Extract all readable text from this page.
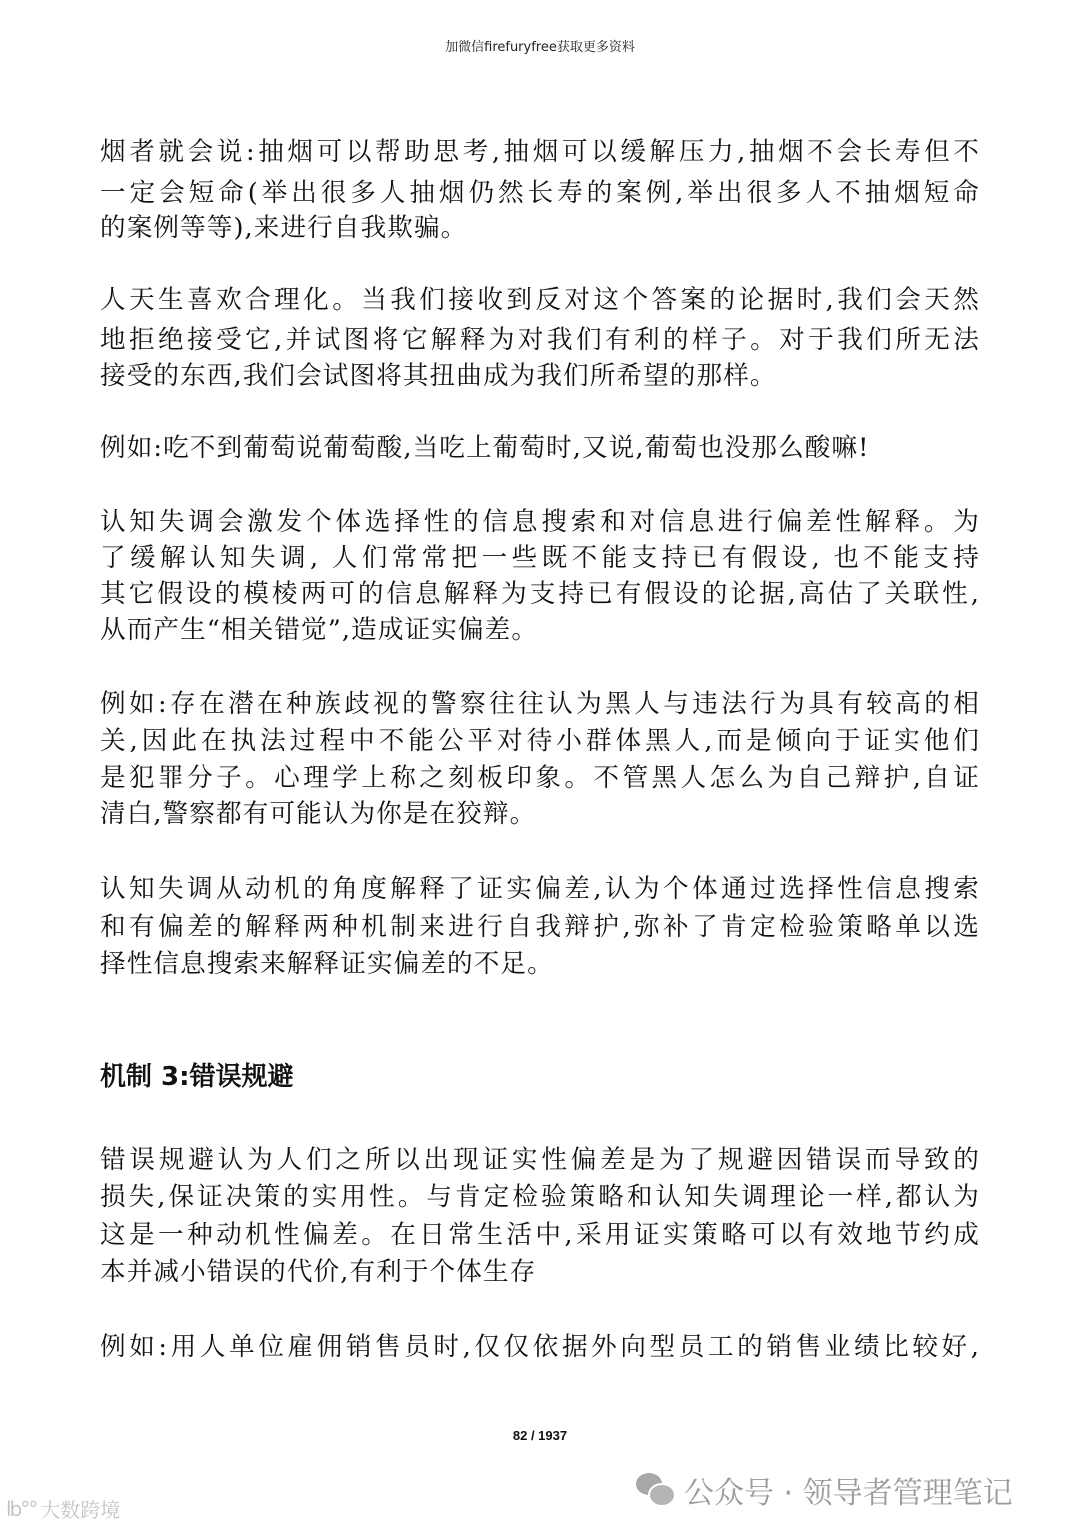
加微信firefuryfree获取更多资料
烟者就会说:抽烟可以帮助思考,抽烟可以缓解压力,抽烟不会长寿但不
一定会短命(举出很多人抽烟仍然长寿的案例,举出很多人不抽烟短命
的案例等等),来进行自我欺骗。
人天生喜欢合理化。当我们接收到反对这个答案的论据时,我们会天然
地拒绝接受它,并试图将它解释为对我们有利的样子。对于我们所无法
接受的东西,我们会试图将其扭曲成为我们所希望的那样。
例如:吃不到葡萄说葡萄酸,当吃上葡萄时,又说,葡萄也没那么酸嘛!
认知失调会激发个体选择性的信息搜索和对信息进行偏差性解释。为
了缓解认知失调, 人们常常把一些既不能支持已有假设, 也不能支持
其它假设的模棱两可的信息解释为支持已有假设的论据,高估了关联性,
从而产生“相关错觉”,造成证实偏差。
例如:存在潜在种族歧视的警察往往认为黑人与违法行为具有较高的相
关,因此在执法过程中不能公平对待小群体黑人,而是倾向于证实他们
是犯罪分子。心理学上称之刻板印象。不管黑人怎么为自己辩护,自证
清白,警察都有可能认为你是在狡辩。
认知失调从动机的角度解释了证实偏差,认为个体通过选择性信息搜索
和有偏差的解释两种机制来进行自我辩护,弥补了肯定检验策略单以选
择性信息搜索来解释证实偏差的不足。
机制 3:错误规避
错误规避认为人们之所以出现证实性偏差是为了规避因错误而导致的
损失,保证决策的实用性。与肯定检验策略和认知失调理论一样,都认为
这是一种动机性偏差。在日常生活中,采用证实策略可以有效地节约成
本并减小错误的代价,有利于个体生存
例如:用人单位雇佣销售员时,仅仅依据外向型员工的销售业绩比较好,
82 / 1937
公众号 · 领导者管理笔记
lb°° 大数跨境
